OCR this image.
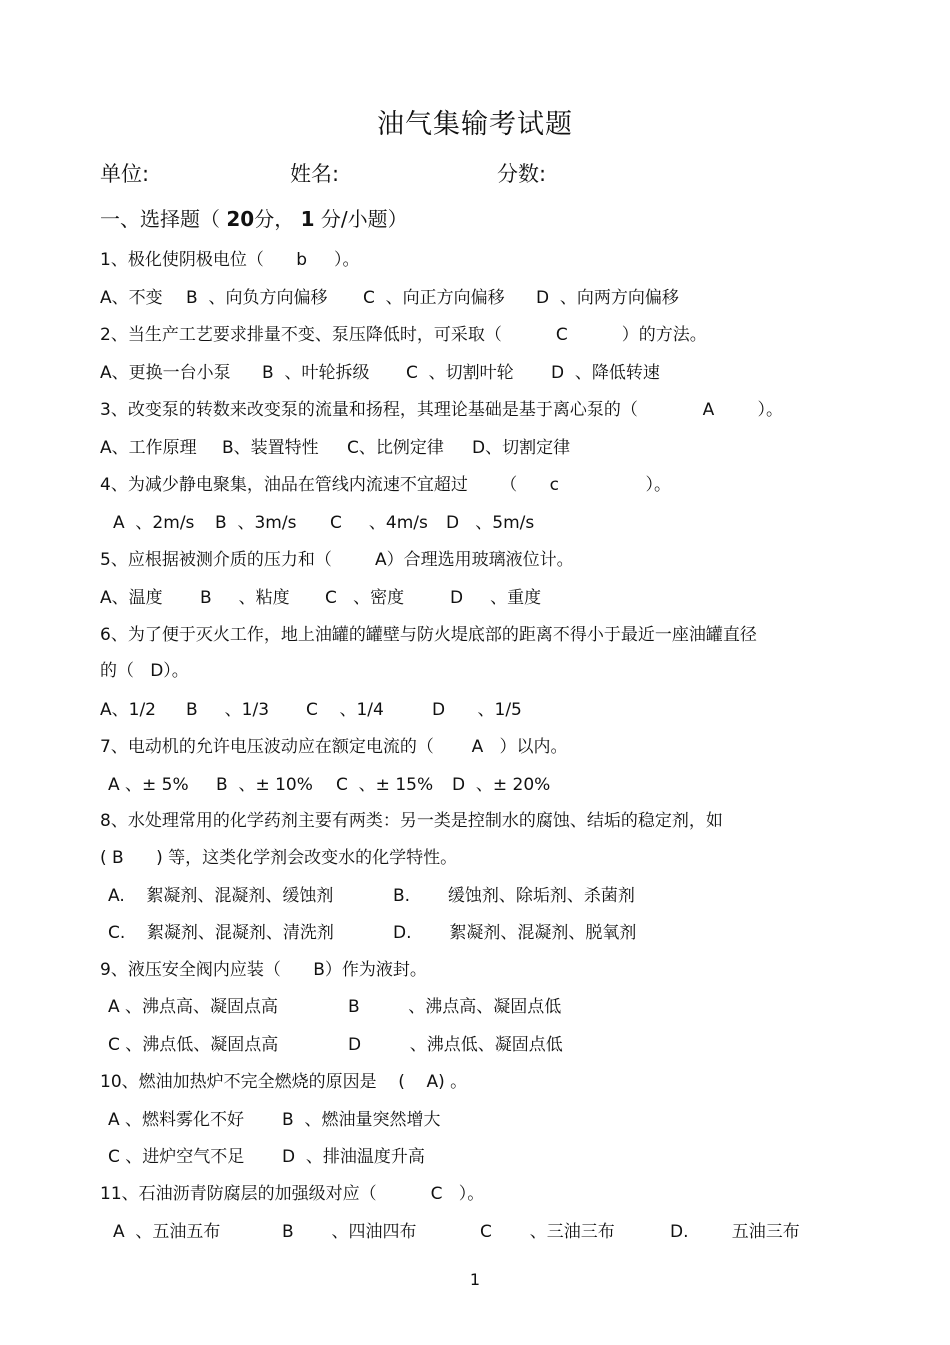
油气集输考试题
单位:	姓名:	分数:
一、选择题（ 20分， 1 分/小题）
1、极化使阴极电位（      b     ）。
A、不变 B  、向负方向偏移 C  、向正方向偏移 D  、向两方向偏移
2、当生产工艺要求排量不变、泵压降低时，可采取（          C          ）的方法。
A、更换一台小泵 B  、叶轮拆级 C  、切割叶轮 D  、降低转速
3、改变泵的转数来改变泵的流量和扬程，其理论基础是基于离心泵的（            A        ）。
A、工作原理 B、装置特性 C、比例定律 D、切割定律
4、为减少静电聚集，油品在管线内流速不宜超过      （      c                ）。
A  、2m/s B  、3m/s C     、4m/s D   、5m/s
5、应根据被测介质的压力和（        A）合理选用玻璃液位计。
A、温度 B     、粘度 C   、密度	D     、重度
6、为了便于灭火工作，地上油罐的罐壁与防火堤底部的距离不得小于最近一座油罐直径
的（   D）。
A、1/2 B     、1/3 C    、1/4	D      、1/5
7、电动机的允许电压波动应在额定电流的（       A   ）以内。
A 、± 5% B  、± 10% C  、± 15% D  、± 20%
8、水处理常用的化学药剂主要有两类：另一类是控制水的腐蚀、结垢的稳定剂，如
( B      ) 等，这类化学剂会改变水的化学特性。
A.    絮凝剂、混凝剂、缓蚀剂	B.       缓蚀剂、除垢剂、杀菌剂
C.    絮凝剂、混凝剂、清洗剂	D.       絮凝剂、混凝剂、脱氧剂
9、液压安全阀内应装（      B）作为液封。
A 、沸点高、凝固点高	B         、沸点高、凝固点低
C 、沸点低、凝固点高	D         、沸点低、凝固点低
10、燃油加热炉不完全燃烧的原因是    (    A) 。
A 、燃料雾化不好 B  、燃油量突然增大
C 、进炉空气不足 D  、排油温度升高
11、石油沥青防腐层的加强级对应（          C   ）。
A  、五油五布	B       、四油四布	C       、三油三布	D.        五油三布
1
